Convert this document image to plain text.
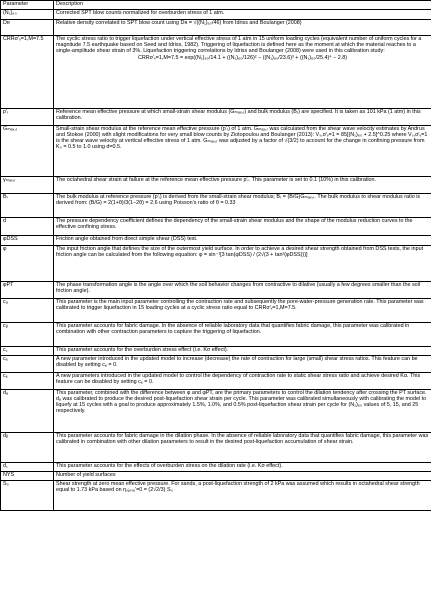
Parameter	Description
(N₁)₆₀	Corrected SPT blow counts normalized for overburden stress of 1 atm.
Dʀ	Relative density correlated to SPT blow count using Dʀ = √((N₁)₆₀/46) from Idriss and Boulanger (2008)
CRRσ′ᵥ=1,M=7.5	The cyclic stress ratio to trigger liquefaction under vertical effective stress of 1 atm in 15 uniform loading cycles (equivalent number of uniform cycles for a magnitude 7.5 earthquake based on Seed and Idriss, 1982). Triggering of liquefaction is defined here as the moment at which the material reaches to a single-amplitude shear strain of 3%. Liquefaction triggering correlations by Idriss and Boulanger (2008) were used in this calibration study:
CRRσ′ᵥ=1,M=7.5 = exp((N₁)₆₀/14.1 + ((N₁)₆₀/126)² − ((N₁)₆₀/23.6)³ + ((N₁)₆₀/25.4)⁴ − 2.8)

p′ᵣ	Reference mean effective pressure at which small-strain shear modulus (Gₘₐₓ,ᵣ) and bulk modulus (Bᵣ) are specified. It is taken as 101 kPa (1 atm) in this calibration.
Gₘₐₓ,ᵣ	Small-strain shear modulus at the reference mean effective pressure (p′ᵣ) of 1 atm. Gₘₐₓ,ᵣ was calculated from the shear wave velocity estimates by Andrus and Stokoe (2000) with slight modifications for very small blow counts by Ziotopoulou and Boulanger (2013): Vₛ,σ′ᵥ=1 = 85[(N₁)₆₀ + 2.5]^0.25 where Vₛ,σ′ᵥ=1 is the shear wave velocity at vertical effective stress of 1 atm. Gₘₐₓ,ᵣ was adjusted by a factor of √(3/2) to account for the change in confining pressure from K₀ = 0.5 to 1.0 using d=0.5.
γₘₐₓ,ᵣ	The octahedral shear strain at failure at the reference mean effective pressure p′ᵣ. This parameter is set to 0.1 (10%) in this calibration.
Bᵣ	The bulk modulus at reference pressure (p′ᵣ) is derived from the small-strain shear modulus; Bᵣ = (B/G)Gₘₐₓ,ᵣ. The bulk modulus to shear modulus ratio is derived from: (B/G) = 2(1+θ)/3(1−2θ) = 2.6 using Poisson’s ratio of θ = 0.33
d	The pressure dependency coefficient defines the dependency of the small-strain shear modulus and the shape of the modulus reduction curves to the effective confining stress.
φDSS	Friction angle obtained from direct simple shear (DSS) test.
φ	The input friction angle that defines the size of the outermost yield surface. In order to achieve a desired shear strength obtained from DSS tests, the input friction angle can be calculated from the following equation: φ = sin⁻¹[3 tan(φDSS) / (2√(3 + tan²(φDSS)))]
φPT	The phase transformation angle is the angle over which the soil behavior changes from contractive to dilative (usually a few degrees smaller than the soil friction angle).
cₐ	This parameter is the main input parameter controlling the contraction rate and subsequently the pore-water-pressure generation rate. This parameter was calibrated to trigger liquefaction in 15 loading cycles at a cyclic stress ratio equal to CRRσ′ᵥ=1,M=7.5.
cᵦ	This parameter accounts for fabric damage. In the absence of reliable laboratory data that quantifies fabric damage, this parameter was calibrated in combination with other contraction parameters to capture the triggering of liquefaction.
c꜀	This parameter accounts for the overburden stress effect (i.e. Kσ effect).
cₑ	A new parameter introduced in the updated model to increase (decrease) the rate of contraction for large (small) shear stress ratios. This feature can be disabled by setting cₑ = 0.
cₑ	A new parameters introduced in the updated model to control the dependency of contraction rate to static shear stress ratio and achieve desired Kα. This feature can be disabled by setting cₑ = 0.
dₐ	This parameter, combined with the difference between φ and φPT, are the primary parameters to control the dilation tendency after crossing the PT surface. dₐ was calibrated to produce the desired post-liquefaction shear strain per cycle. This parameter was calibrated simultaneously with calibrating the model to liquefy at 15 cycles with a goal to produce approximately 1.5%, 1.0%, and 0.5% post-liquefaction shear strain per cycle for (N₁)₆₀ values of 5, 15, and 25 respectively.
dᵦ	This parameter accounts for fabric damage in the dilation phase. In the absence of reliable laboratory data that quantifies fabric damage, this parameter was calibrated in combination with other dilation parameters to result in the desired post-liquefaction accumulation of shear strain.
d꜀	This parameter accounts for the effects of overburden stress on the dilation rate (i.e. Kσ effect).
NYS	Number of yield surfaces
S₀	Shear strength at zero mean effective pressure. For sands, a post-liquefaction strength of 2 kPa was assumed which results in octahedral shear strength equal to 1.73 kPa based on ηₛⱼₒₛₑ′=0 = (2√2/3) S₀
